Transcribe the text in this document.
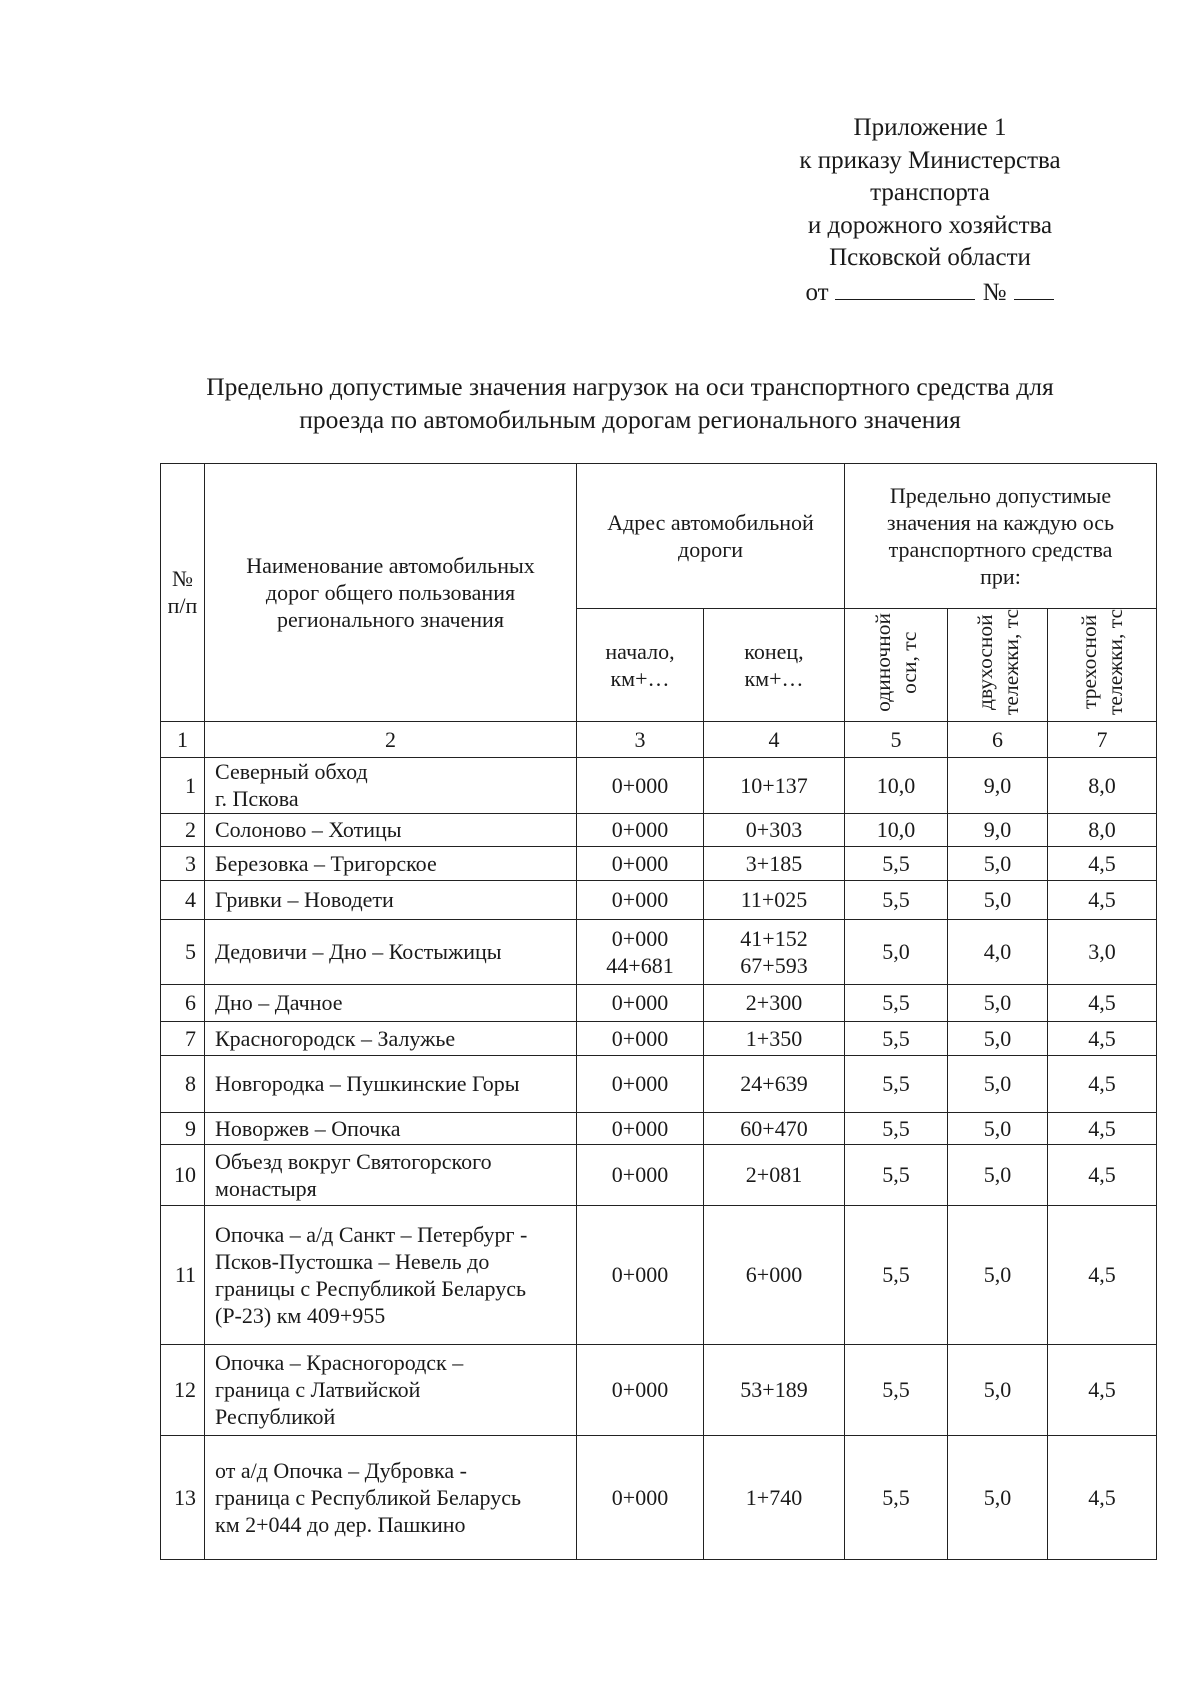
Приложение 1
к приказу Министерства
транспорта
и дорожного хозяйства
Псковской области
от	№
Предельно допустимые значения нагрузок на оси транспортного средства для
проезда по автомобильным дорогам регионального значения
№
п/п	Наименование автомобильных
дорог общего пользования
регионального значения	Адрес автомобильной
дороги		Предельно допустимые
значения на каждую ось
транспортного средства
при:		

		начало,
км+…	конец,
км+…	одиночной
оси, тс	двухосной
тележки, тс	трехосной
тележки, тс
1	2	3	4	5	6	7
1	Северный обход
г. Пскова	0+000	10+137	10,0	9,0	8,0
2	Солоново – Хотицы	0+000	0+303	10,0	9,0	8,0
3	Березовка – Тригорское	0+000	3+185	5,5	5,0	4,5
4	Гривки – Новодети	0+000	11+025	5,5	5,0	4,5
5	Дедовичи – Дно – Костыжицы	0+000
44+681	41+152
67+593	5,0	4,0	3,0
6	Дно – Дачное	0+000	2+300	5,5	5,0	4,5
7	Красногородск – Залужье	0+000	1+350	5,5	5,0	4,5
8	Новгородка – Пушкинские Горы	0+000	24+639	5,5	5,0	4,5
9	Новоржев – Опочка	0+000	60+470	5,5	5,0	4,5
10	Объезд вокруг Святогорского
монастыря	0+000	2+081	5,5	5,0	4,5
11	Опочка – а/д Санкт – Петербург -
Псков-Пустошка – Невель до
границы с Республикой Беларусь
(Р-23) км 409+955	0+000	6+000	5,5	5,0	4,5
12	Опочка – Красногородск –
граница с Латвийской
Республикой	0+000	53+189	5,5	5,0	4,5
13	от а/д Опочка – Дубровка -
граница с Республикой Беларусь
км 2+044 до дер. Пашкино	0+000	1+740	5,5	5,0	4,5
